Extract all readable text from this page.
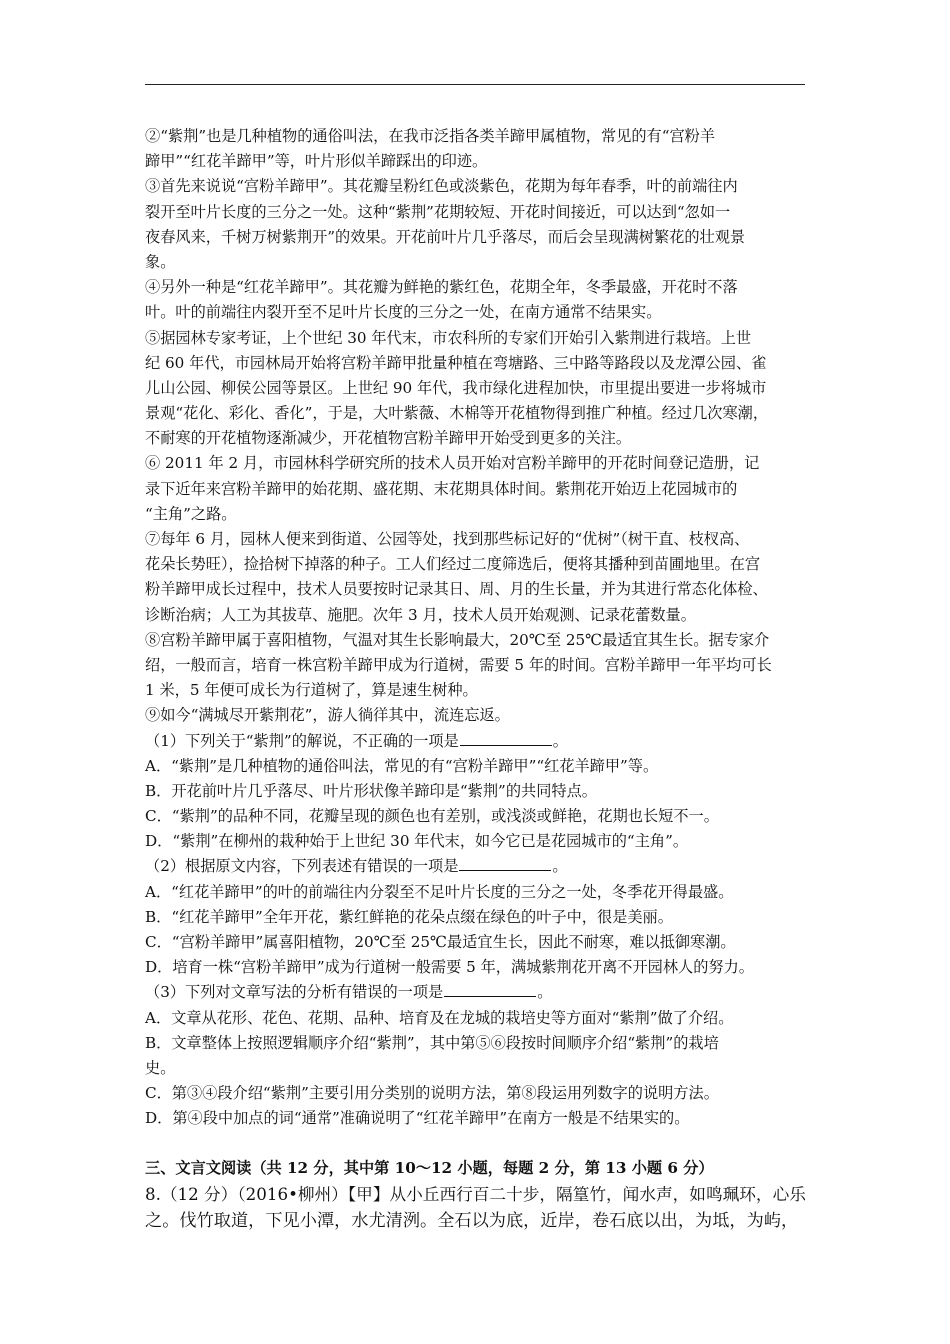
②“紫荆”也是几种植物的通俗叫法，在我市泛指各类羊蹄甲属植物，常见的有“宫粉羊
蹄甲”“红花羊蹄甲”等，叶片形似羊蹄踩出的印迹。
③首先来说说“宫粉羊蹄甲”。其花瓣呈粉红色或淡紫色，花期为每年春季，叶的前端往内
裂开至叶片长度的三分之一处。这种“紫荆”花期较短、开花时间接近，可以达到“忽如一
夜春风来，千树万树紫荆开”的效果。开花前叶片几乎落尽，而后会呈现满树繁花的壮观景
象。
④另外一种是“红花羊蹄甲”。其花瓣为鲜艳的紫红色，花期全年，冬季最盛，开花时不落
叶。叶的前端往内裂开至不足叶片长度的三分之一处，在南方通常不结果实。
⑤据园林专家考证，上个世纪 30 年代末，市农科所的专家们开始引入紫荆进行栽培。上世
纪 60 年代，市园林局开始将宫粉羊蹄甲批量种植在弯塘路、三中路等路段以及龙潭公园、雀
儿山公园、柳侯公园等景区。上世纪 90 年代，我市绿化进程加快，市里提出要进一步将城市
景观“花化、彩化、香化”，于是，大叶紫薇、木棉等开花植物得到推广种植。经过几次寒潮，
不耐寒的开花植物逐渐减少，开花植物宫粉羊蹄甲开始受到更多的关注。
⑥ 2011 年 2 月，市园林科学研究所的技术人员开始对宫粉羊蹄甲的开花时间登记造册，记
录下近年来宫粉羊蹄甲的始花期、盛花期、末花期具体时间。紫荆花开始迈上花园城市的
“主角”之路。
⑦每年 6 月，园林人便来到街道、公园等处，找到那些标记好的“优树”（树干直、枝杈高、
花朵长势旺），捡拾树下掉落的种子。工人们经过二度筛选后，便将其播种到苗圃地里。在宫
粉羊蹄甲成长过程中，技术人员要按时记录其日、周、月的生长量，并为其进行常态化体检、
诊断治病；人工为其拔草、施肥。次年 3 月，技术人员开始观测、记录花蕾数量。
⑧宫粉羊蹄甲属于喜阳植物，气温对其生长影响最大，20℃至 25℃最适宜其生长。据专家介
绍，一般而言，培育一株宫粉羊蹄甲成为行道树，需要 5 年的时间。宫粉羊蹄甲一年平均可长
1 米，5 年便可成长为行道树了，算是速生树种。
⑨如今“满城尽开紫荆花”，游人徜徉其中，流连忘返。
（1）下列关于“紫荆”的解说，不正确的一项是	。
A．“紫荆”是几种植物的通俗叫法，常见的有“宫粉羊蹄甲”“红花羊蹄甲”等。
B．开花前叶片几乎落尽、叶片形状像羊蹄印是“紫荆”的共同特点。
C．“紫荆”的品种不同，花瓣呈现的颜色也有差别，或浅淡或鲜艳，花期也长短不一。
D．“紫荆”在柳州的栽种始于上世纪 30 年代末，如今它已是花园城市的“主角”。
（2）根据原文内容，下列表述有错误的一项是	。
A．“红花羊蹄甲”的叶的前端往内分裂至不足叶片长度的三分之一处，冬季花开得最盛。
B．“红花羊蹄甲”全年开花，紫红鲜艳的花朵点缀在绿色的叶子中，很是美丽。
C．“宫粉羊蹄甲”属喜阳植物，20℃至 25℃最适宜生长，因此不耐寒，难以抵御寒潮。
D．培育一株“宫粉羊蹄甲”成为行道树一般需要 5 年，满城紫荆花开离不开园林人的努力。
（3）下列对文章写法的分析有错误的一项是	。
A．文章从花形、花色、花期、品种、培育及在龙城的栽培史等方面对“紫荆”做了介绍。
B．文章整体上按照逻辑顺序介绍“紫荆”，其中第⑤⑥段按时间顺序介绍“紫荆”的栽培
史。
C．第③④段介绍“紫荆”主要引用分类别的说明方法，第⑧段运用列数字的说明方法。
D．第④段中加点的词“通常”准确说明了“红花羊蹄甲”在南方一般是不结果实的。
三、文言文阅读（共 12 分，其中第 10～12 小题，每题 2 分，第 13 小题 6 分）
8.（12 分）（2016•柳州）【甲】从小丘西行百二十步，隔篁竹，闻水声，如鸣珮环，心乐
之。伐竹取道，下见小潭，水尤清洌。全石以为底，近岸，卷石底以出，为坻，为屿，
